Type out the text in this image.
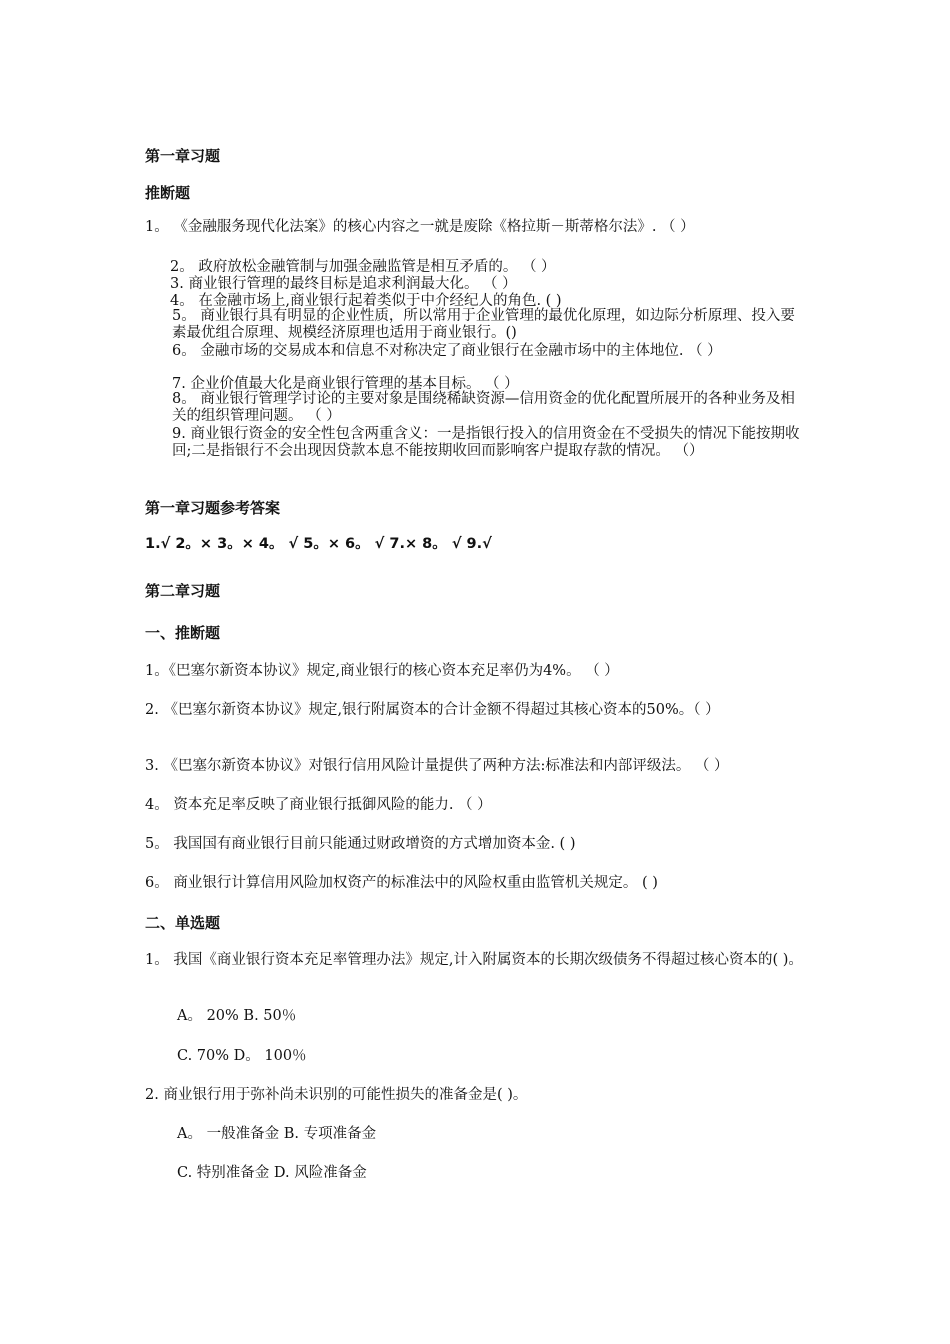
第一章习题
推断题
1。 《金融服务现代化法案》的核心内容之一就是废除《格拉斯－斯蒂格尔法》. （ ）
2。 政府放松金融管制与加强金融监管是相互矛盾的。 （ ）
3. 商业银行管理的最终目标是追求利润最大化。 （ ）
4。 在金融市场上,商业银行起着类似于中介经纪人的角色. ( )
5。 商业银行具有明显的企业性质，所以常用于企业管理的最优化原理，如边际分析原理、投入要素最优组合原理、规模经济原理也适用于商业银行。()
6。 金融市场的交易成本和信息不对称决定了商业银行在金融市场中的主体地位. （ ）
7. 企业价值最大化是商业银行管理的基本目标。 （ ）
8。 商业银行管理学讨论的主要对象是围绕稀缺资源—信用资金的优化配置所展开的各种业务及相关的组织管理问题。 （ ）
9. 商业银行资金的安全性包含两重含义：一是指银行投入的信用资金在不受损失的情况下能按期收回;二是指银行不会出现因贷款本息不能按期收回而影响客户提取存款的情况。 （）
第一章习题参考答案
1.√ 2。× 3。× 4。 √ 5。× 6。 √ 7.× 8。 √ 9.√
第二章习题
一、推断题
1。《巴塞尔新资本协议》规定,商业银行的核心资本充足率仍为4%。 （ ）
2. 《巴塞尔新资本协议》规定,银行附属资本的合计金额不得超过其核心资本的50%。（ ）
3. 《巴塞尔新资本协议》对银行信用风险计量提供了两种方法:标准法和内部评级法。 （ ）
4。 资本充足率反映了商业银行抵御风险的能力. （ ）
5。 我国国有商业银行目前只能通过财政增资的方式增加资本金. ( )
6。 商业银行计算信用风险加权资产的标准法中的风险权重由监管机关规定。 ( )
二、单选题
1。 我国《商业银行资本充足率管理办法》规定,计入附属资本的长期次级债务不得超过核心资本的( )。
A。 20% B. 50％
C. 70% D。 100％
2. 商业银行用于弥补尚未识别的可能性损失的准备金是( )。
A。 一般准备金 B. 专项准备金
C. 特别准备金 D. 风险准备金
